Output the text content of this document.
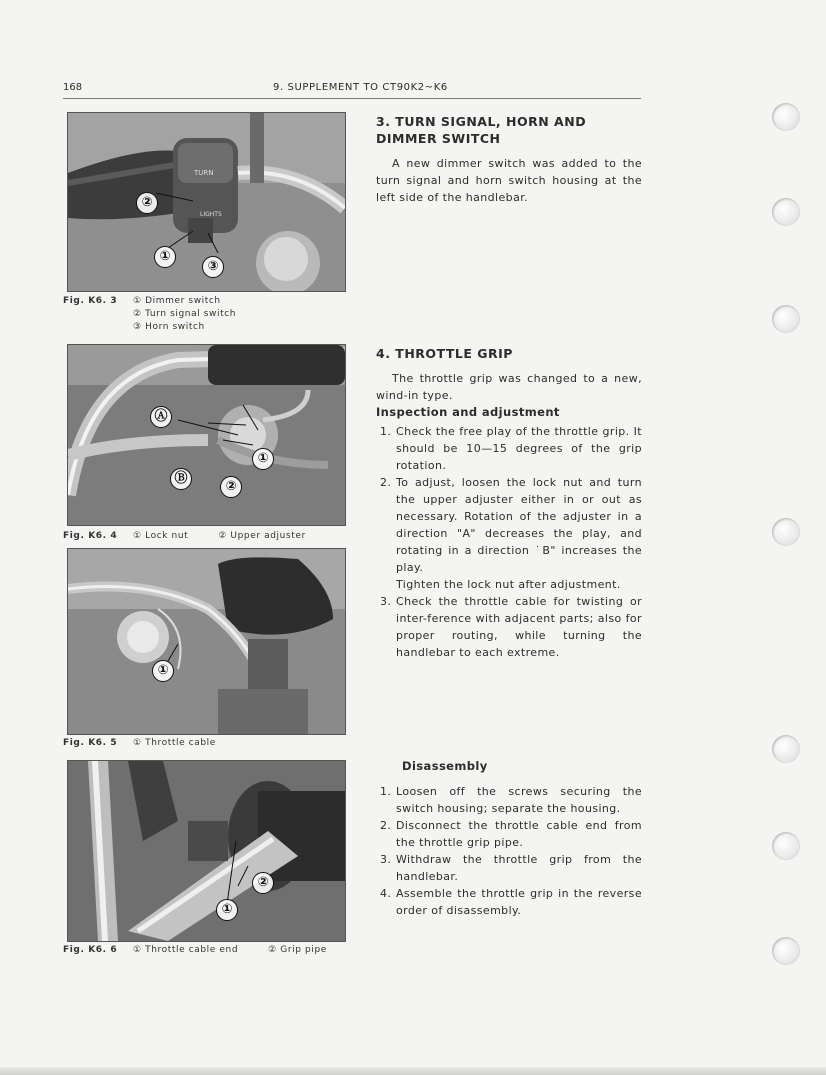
168	9. SUPPLEMENT TO CT90K2~K6
TURN
LIGHTS
②
①
③
Fig. K6. 3 ① Dimmer switch
② Turn signal switch
③ Horn switch
Ⓐ
Ⓑ
①
②
Fig. K6. 4 ① Lock nut	② Upper adjuster
①
Fig. K6. 5 ① Throttle cable
②
①
Fig. K6. 6 ① Throttle cable end	② Grip pipe
3. TURN SIGNAL, HORN AND DIMMER SWITCH

A new dimmer switch was added to the turn signal and horn switch housing at the left side of the handlebar.

4. THROTTLE GRIP

The throttle grip was changed to a new, wind-in type.

Inspection and adjustment
1. Check the free play of the throttle grip. It should be 10—15 degrees of the grip rotation.
2. To adjust, loosen the lock nut and turn the upper adjuster either in or out as necessary. Rotation of the adjuster in a direction "A" decreases the play, and rotating in a direction ˙B" increases the play.

Tighten the lock nut after adjustment.

3. Check the throttle cable for twisting or inter-ference with adjacent parts; also for proper routing, while turning the handlebar to each extreme.
Disassembly
1. Loosen off the screws securing the switch housing; separate the housing.
2. Disconnect the throttle cable end from the throttle grip pipe.
3. Withdraw the throttle grip from the handlebar.
4. Assemble the throttle grip in the reverse order of disassembly.
